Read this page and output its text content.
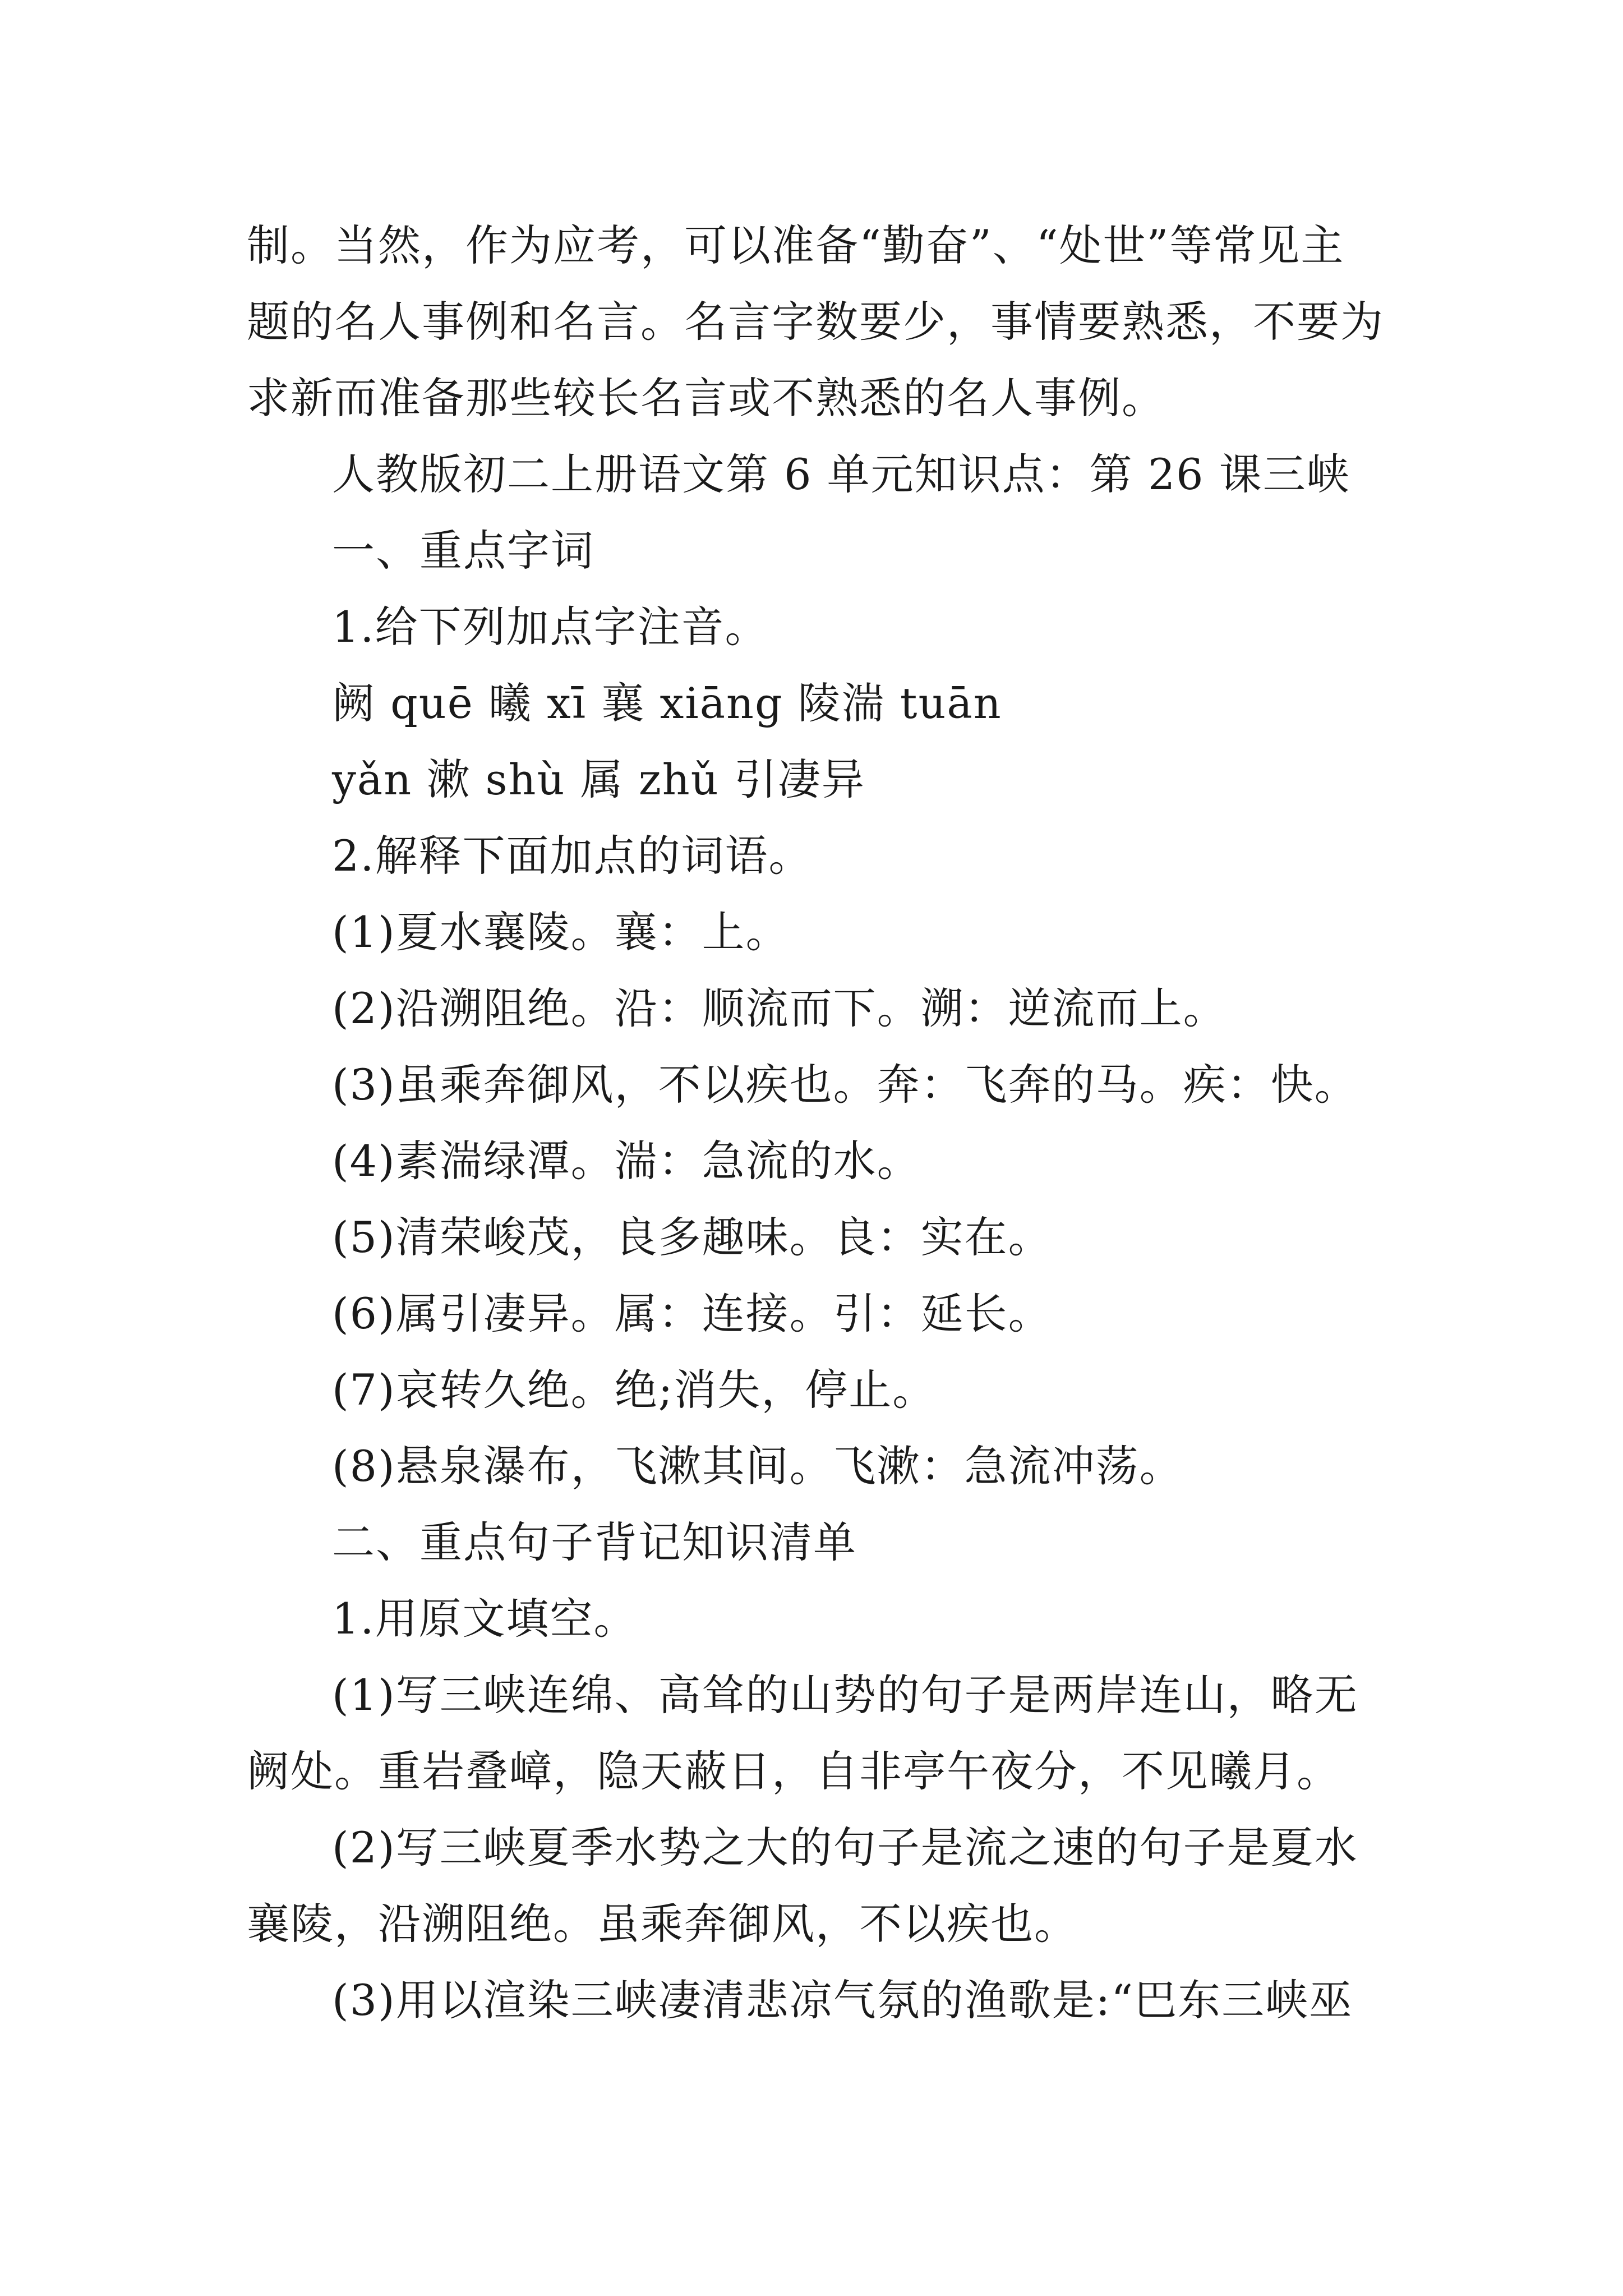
制。当然，作为应考，可以准备“勤奋”、“处世”等常见主
题的名人事例和名言。名言字数要少，事情要熟悉，不要为
求新而准备那些较长名言或不熟悉的名人事例。
人教版初二上册语文第 6 单元知识点：第 26 课三峡
一、重点字词
1.给下列加点字注音。
阙 quē 曦 xī 襄 xiāng 陵湍 tuān
yǎn 漱 shù 属 zhǔ 引凄异
2.解释下面加点的词语。
(1)夏水襄陵。襄：上。
(2)沿溯阻绝。沿：顺流而下。溯：逆流而上。
(3)虽乘奔御风，不以疾也。奔：飞奔的马。疾：快。
(4)素湍绿潭。湍：急流的水。
(5)清荣峻茂，良多趣味。良：实在。
(6)属引凄异。属：连接。引：延长。
(7)哀转久绝。绝;消失，停止。
(8)悬泉瀑布，飞漱其间。飞漱：急流冲荡。
二、重点句子背记知识清单
1.用原文填空。
(1)写三峡连绵、高耸的山势的句子是两岸连山，略无
阙处。重岩叠嶂，隐天蔽日，自非亭午夜分，不见曦月。
(2)写三峡夏季水势之大的句子是流之速的句子是夏水
襄陵，沿溯阻绝。虽乘奔御风，不以疾也。
(3)用以渲染三峡凄清悲凉气氛的渔歌是:“巴东三峡巫
